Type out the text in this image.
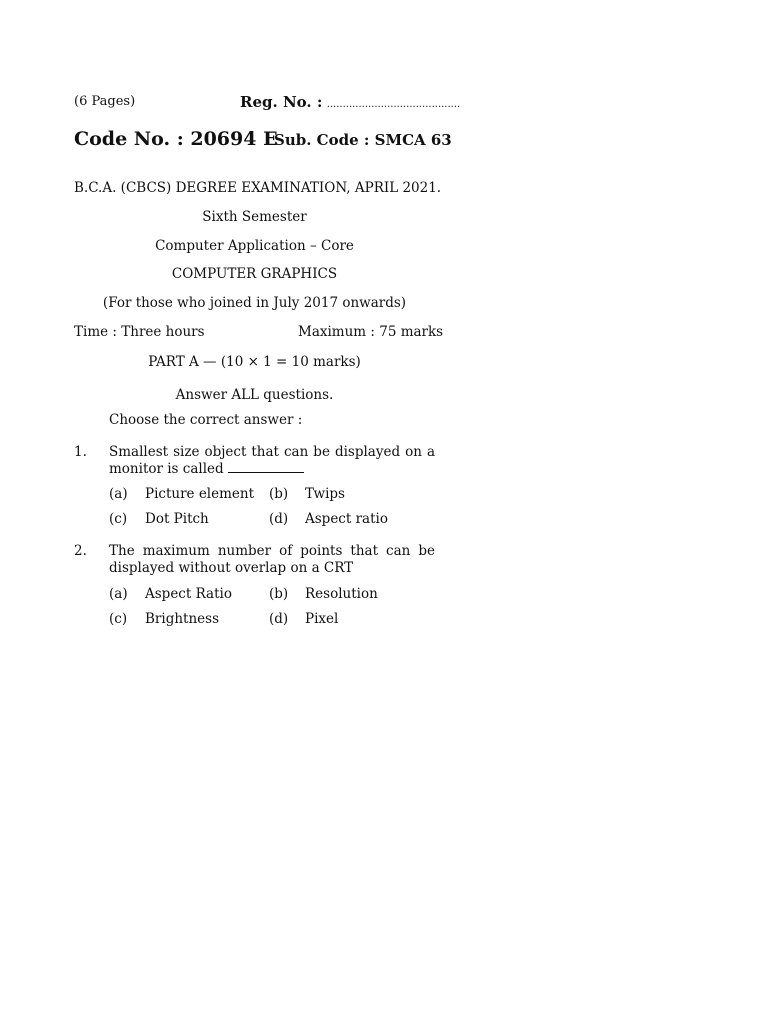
(6 Pages)	Reg. No. : ..........................................
Code No. : 20694 E
Sub. Code : SMCA 63
B.C.A. (CBCS) DEGREE EXAMINATION, APRIL 2021.
Sixth Semester
Computer Application – Core
COMPUTER GRAPHICS
(For those who joined in July 2017 onwards)
Time : Three hours	Maximum : 75 marks
PART A — (10 × 1 = 10 marks)
Answer ALL questions.
Choose the correct answer :
1. Smallest size object that can be displayed on a monitor is called
(a) Picture element (b) Twips
(c) Dot Pitch	(d) Aspect ratio
2. The maximum number of points that can be displayed without overlap on a CRT
(a) Aspect Ratio	(b) Resolution
(c) Brightness	(d) Pixel
